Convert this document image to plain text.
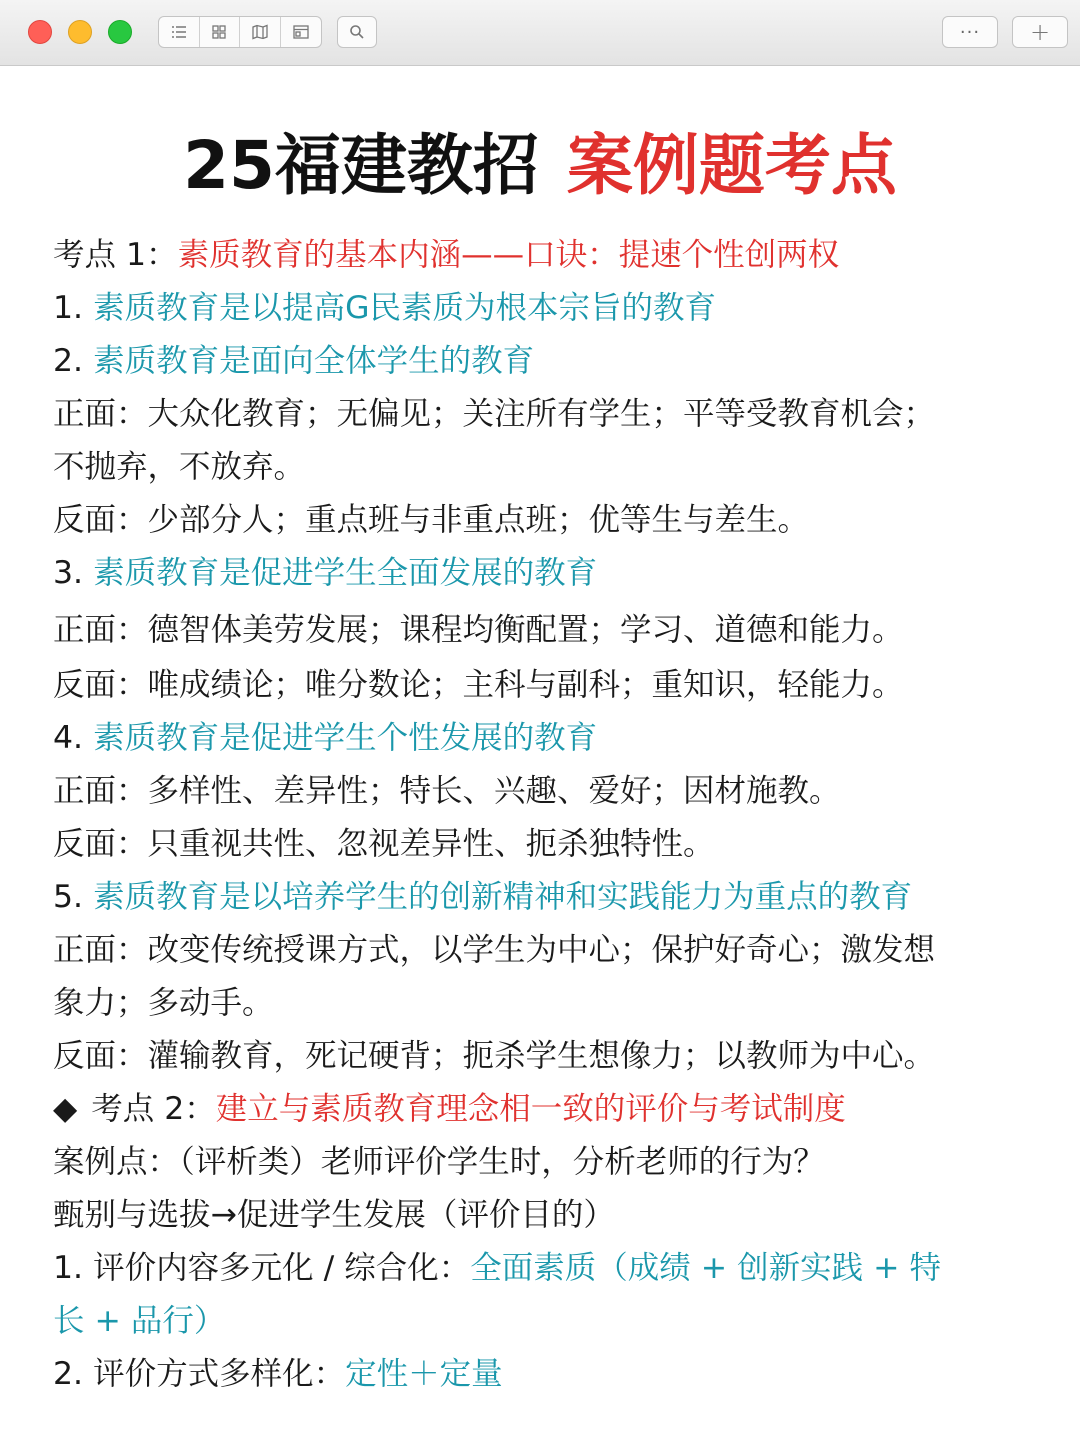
···	+
25福建教招 案例题考点
考点 1：素质教育的基本内涵——口诀：提速个性创两权
1. 素质教育是以提高G民素质为根本宗旨的教育
2. 素质教育是面向全体学生的教育
正面：大众化教育；无偏见；关注所有学生；平等受教育机会；
不抛弃，不放弃。
反面：少部分人；重点班与非重点班；优等生与差生。
3. 素质教育是促进学生全面发展的教育
正面：德智体美劳发展；课程均衡配置；学习、道德和能力。
反面：唯成绩论；唯分数论；主科与副科；重知识，轻能力。
4. 素质教育是促进学生个性发展的教育
正面：多样性、差异性；特长、兴趣、爱好；因材施教。
反面：只重视共性、忽视差异性、扼杀独特性。
5. 素质教育是以培养学生的创新精神和实践能力为重点的教育
正面：改变传统授课方式，以学生为中心；保护好奇心；激发想
象力；多动手。
反面：灌输教育，死记硬背；扼杀学生想像力；以教师为中心。
◆ 考点 2：建立与素质教育理念相一致的评价与考试制度
案例点：（评析类）老师评价学生时，分析老师的行为？
甄别与选拔→促进学生发展（评价目的）
1. 评价内容多元化 / 综合化：全面素质（成绩 + 创新实践 + 特
长 + 品行）
2. 评价方式多样化：定性＋定量
